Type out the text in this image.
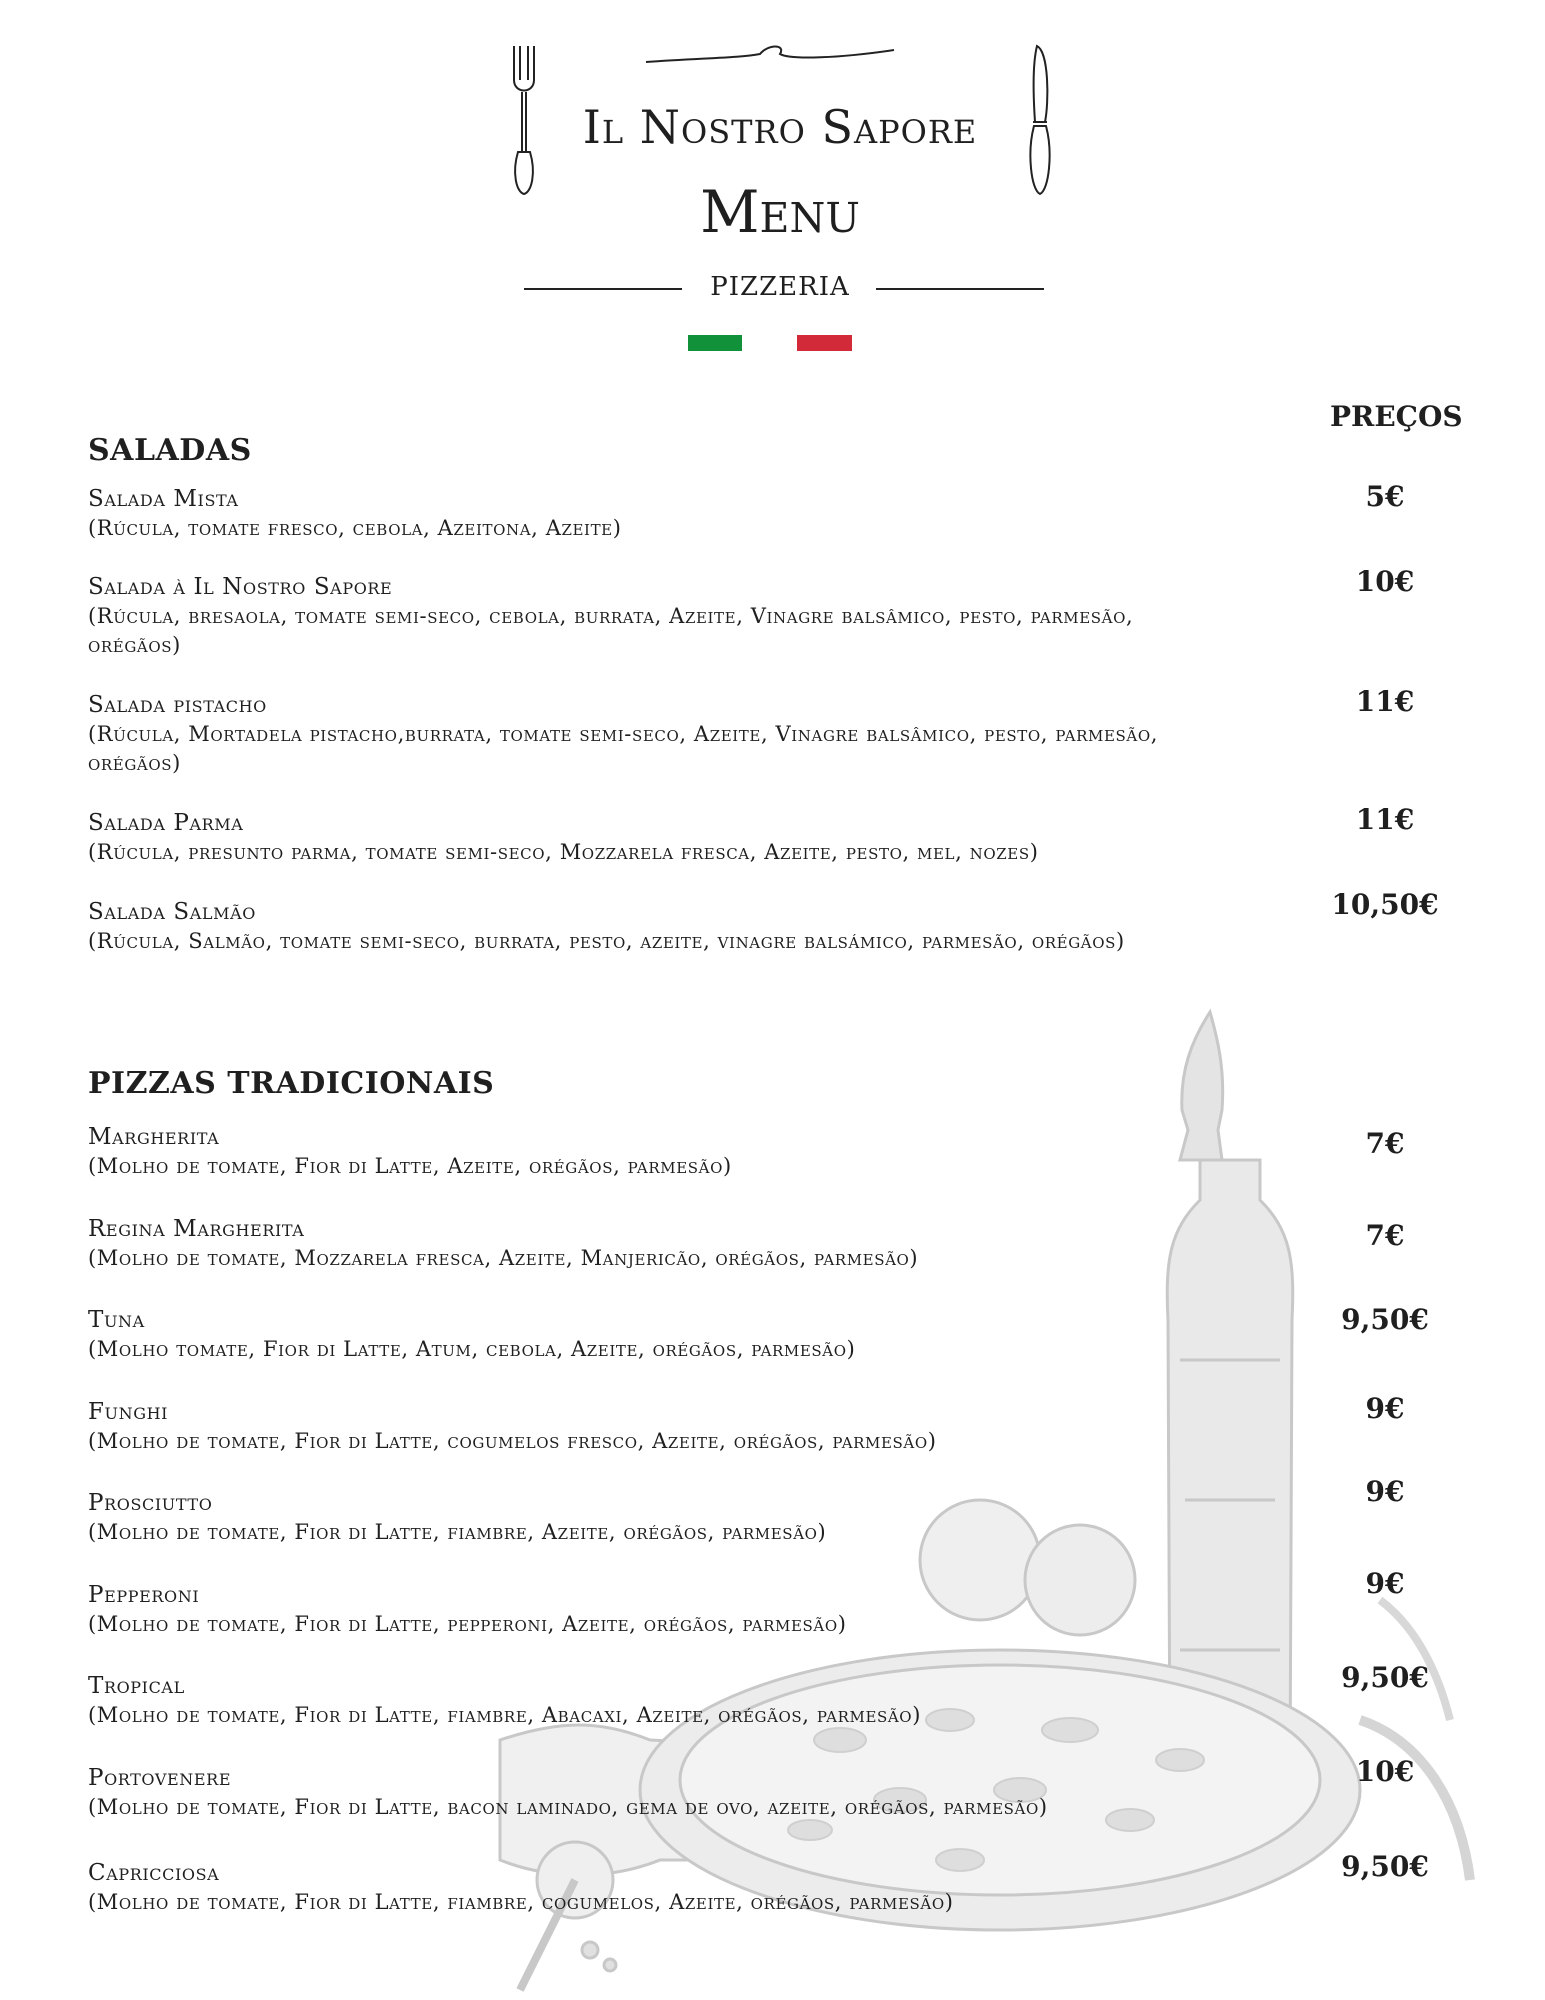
Il Nostro Sapore
Menu
PIZZERIA
PREÇOS
SALADAS
Salada Mista
(Rúcula, tomate fresco, cebola, Azeitona, Azeite)
5€
Salada à Il Nostro Sapore
(Rúcula, bresaola, tomate semi-seco, cebola, burrata, Azeite, Vinagre balsâmico, pesto, parmesão, orégãos)
10€
Salada pistacho
(Rúcula, Mortadela pistacho,burrata, tomate semi-seco, Azeite, Vinagre balsâmico, pesto, parmesão, orégãos)
11€
Salada Parma
(Rúcula, presunto parma, tomate semi-seco, Mozzarela fresca, Azeite, pesto, mel, nozes)
11€
Salada Salmão
(Rúcula, Salmão, tomate semi-seco, burrata, pesto, azeite, vinagre balsámico, parmesão, orégãos)
10,50€
PIZZAS TRADICIONAIS
Margherita
(Molho de tomate, Fior di Latte, Azeite, orégãos, parmesão)
7€
Regina Margherita
(Molho de tomate, Mozzarela fresca, Azeite, Manjericão, orégãos, parmesão)
7€
Tuna
(Molho tomate, Fior di Latte, Atum, cebola, Azeite, orégãos, parmesão)
9,50€
Funghi
(Molho de tomate, Fior di Latte, cogumelos fresco, Azeite, orégãos, parmesão)
9€
Prosciutto
(Molho de tomate, Fior di Latte, fiambre, Azeite, orégãos, parmesão)
9€
Pepperoni
(Molho de tomate, Fior di Latte, pepperoni, Azeite, orégãos, parmesão)
9€
Tropical
(Molho de tomate, Fior di Latte, fiambre, Abacaxi, Azeite, orégãos, parmesão)
9,50€
Portovenere
(Molho de tomate, Fior di Latte, bacon laminado, gema de ovo, azeite, orégãos, parmesão)
10€
Capricciosa
(Molho de tomate, Fior di Latte, fiambre, cogumelos, Azeite, orégãos, parmesão)
9,50€
